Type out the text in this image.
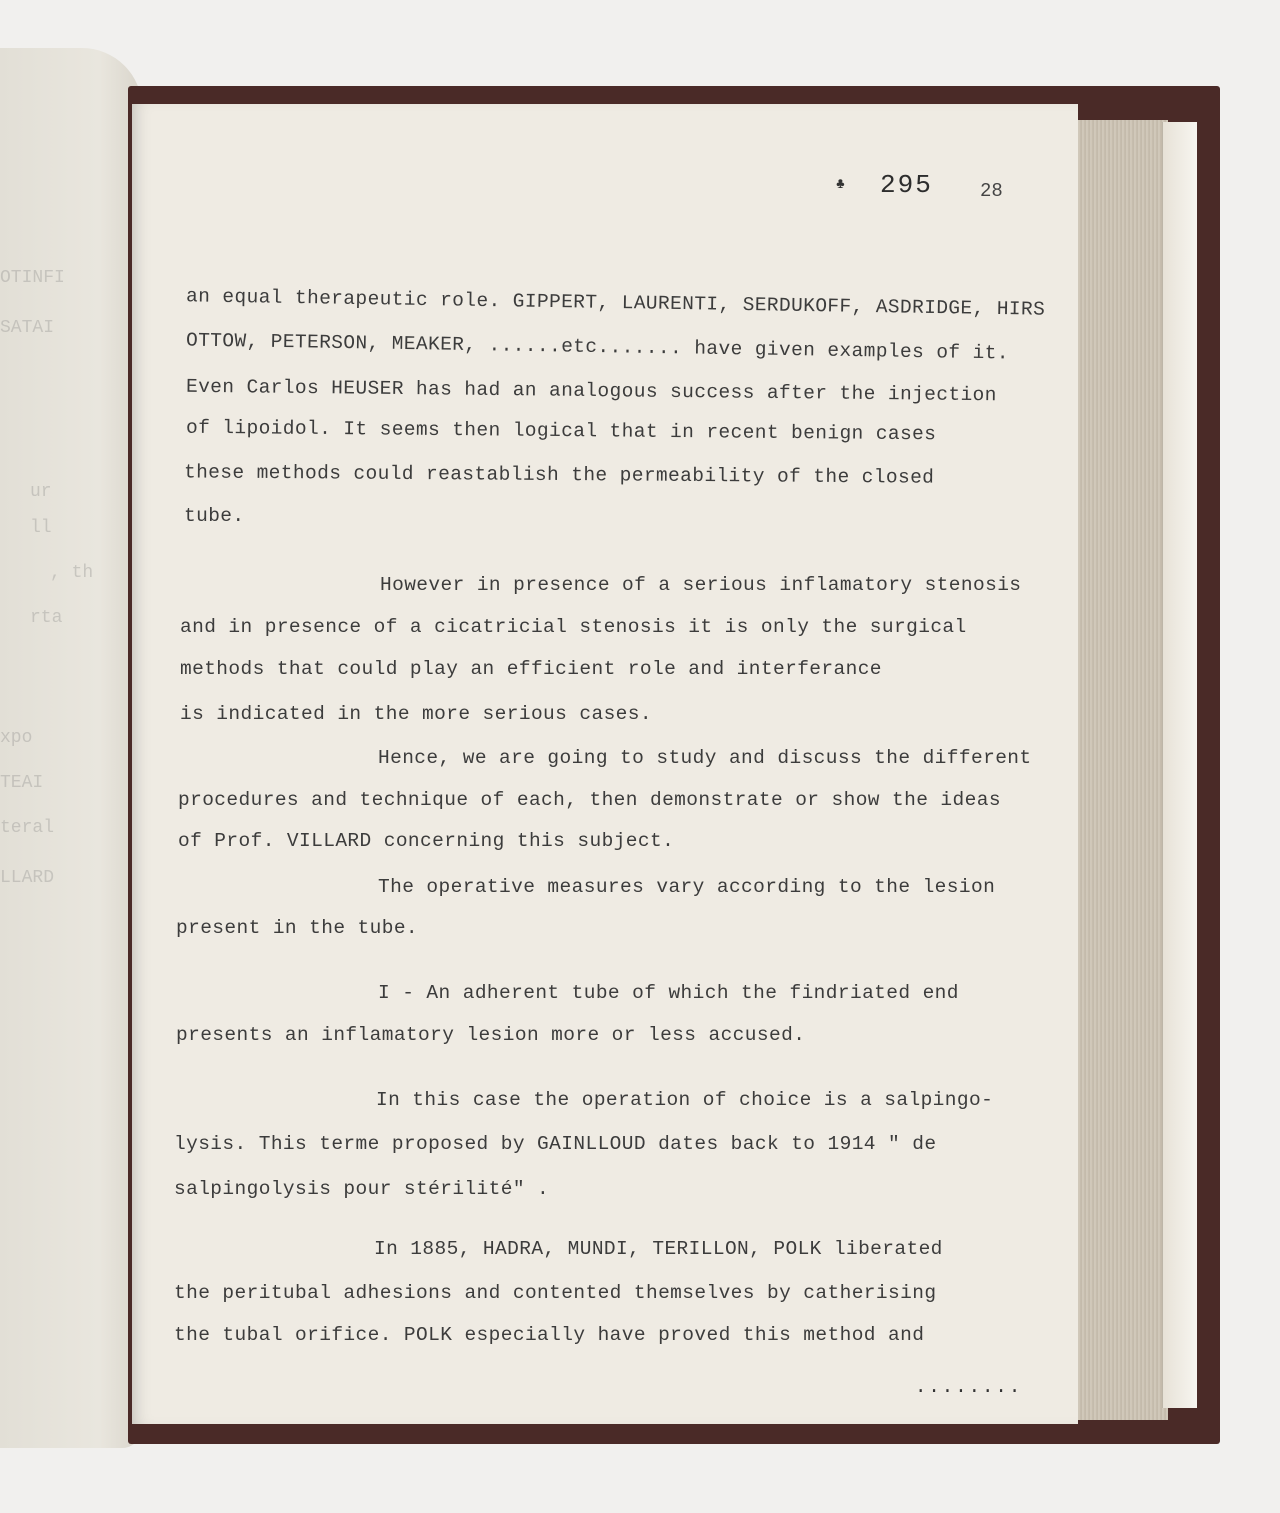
OTINFI
SATAI
ur
ll
, th
rta
xpo
TEAI
teral
LLARD
♣ 295 28
an equal therapeutic role. GIPPERT, LAURENTI, SERDUKOFF, ASDRIDGE, HIRS
OTTOW, PETERSON, MEAKER, ......etc....... have given examples of it.
Even Carlos HEUSER has had an analogous success after the injection
of lipoidol. It seems then logical that in recent benign cases
these methods could reastablish the permeability of the closed
tube.
However in presence of a serious inflamatory stenosis
and in presence of a cicatricial stenosis it is only the surgical
methods that could play an efficient role and interferance
is indicated in the more serious cases.
Hence, we are going to study and discuss the different
procedures and technique of each, then demonstrate or show the ideas
of Prof. VILLARD concerning this subject.
The operative measures vary according to the lesion
present in the tube.
I - An adherent tube of which the findriated end
presents an inflamatory lesion more or less accused.
In this case the operation of choice is a salpingo-
lysis. This terme proposed by GAINLLOUD dates back to 1914 " de
salpingolysis pour stérilité" .
In 1885, HADRA, MUNDI, TERILLON, POLK liberated
the peritubal adhesions and contented themselves by catherising
the tubal orifice. POLK especially have proved this method and
........
